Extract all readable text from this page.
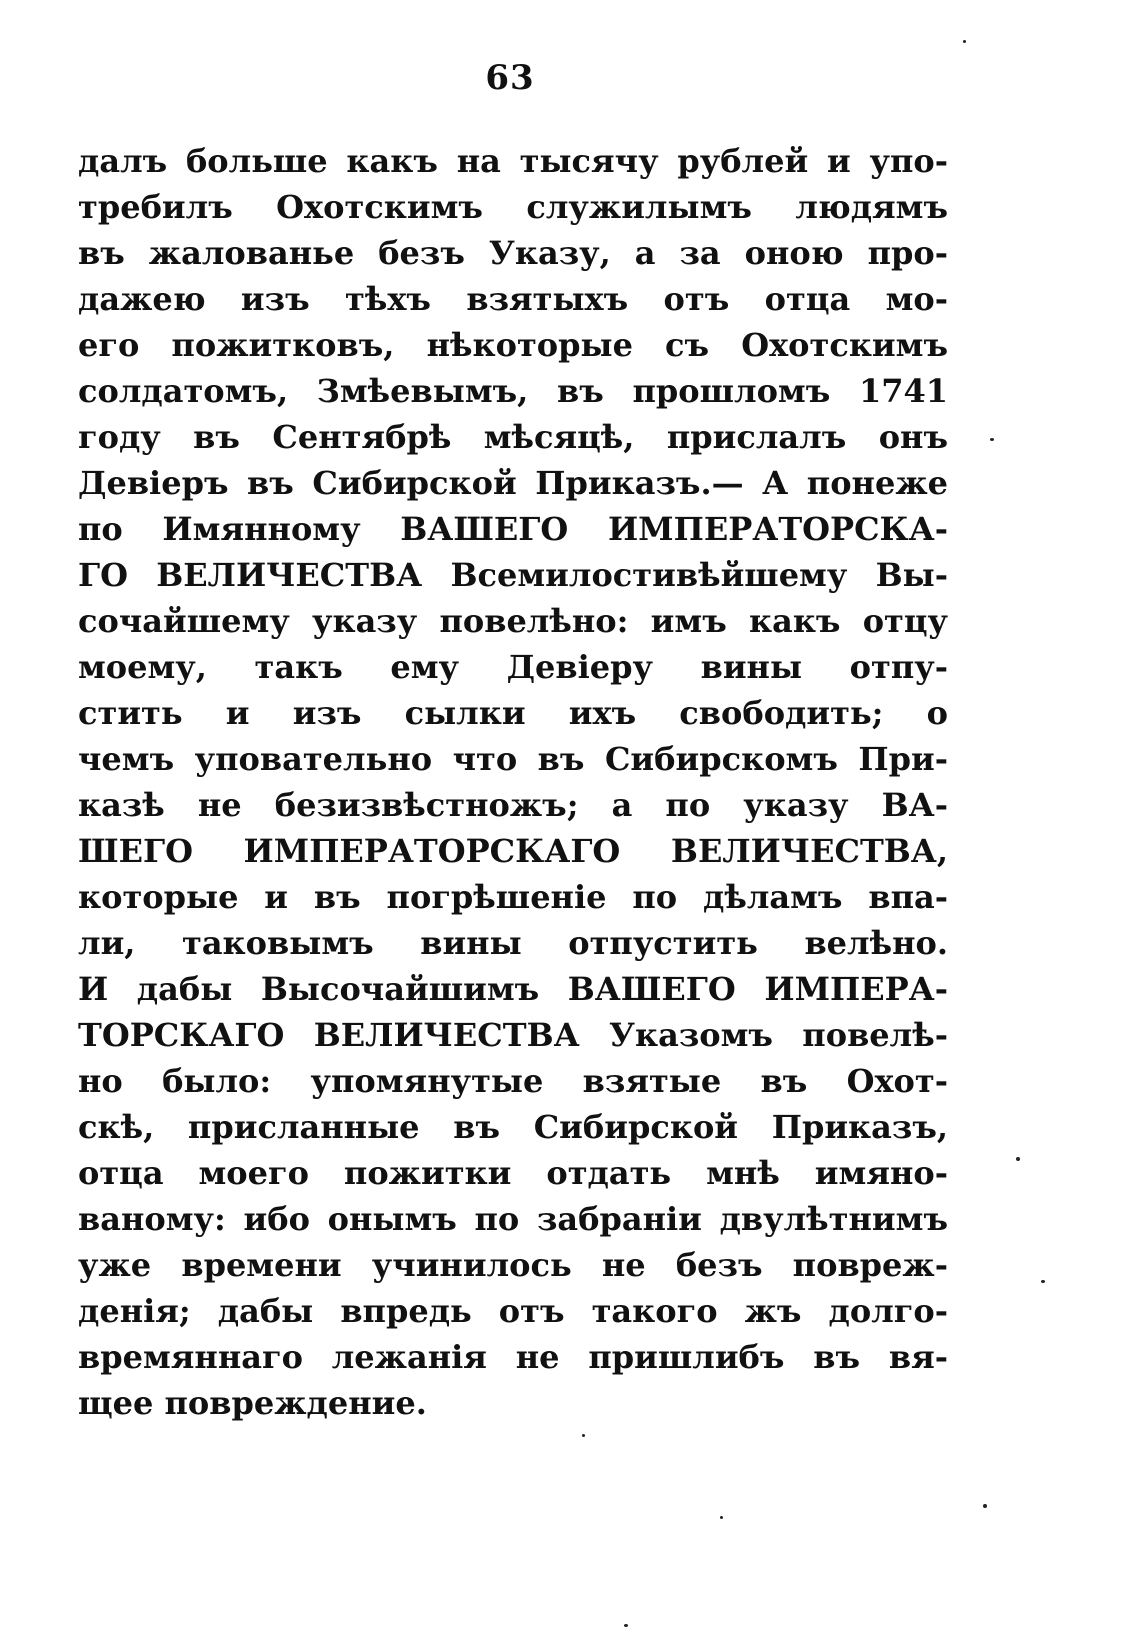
63
далъ больше какъ на тысячу рублей и упо-
требилъ Охотскимъ служилымъ людямъ
въ жалованье безъ Указу, а за оною про-
дажею изъ тѣхъ взятыхъ отъ отца мо-
его пожитковъ, нѣкоторые съ Охотскимъ
солдатомъ, Змѣевымъ, въ прошломъ 1741
году въ Сентябрѣ мѣсяцѣ, прислалъ онъ
Девіеръ въ Сибирской Приказъ.— А понеже
по Имянному ВАШЕГО ИМПЕРАТОРСКА-
ГО ВЕЛИЧЕСТВА Всемилостивѣйшему Вы-
сочайшему указу повелѣно: имъ какъ отцу
моему, такъ ему Девіеру вины отпу-
стить и изъ сылки ихъ свободить; о
чемъ уповательно что въ Сибирскомъ При-
казѣ не безизвѣстножъ; а по указу ВА-
ШЕГО ИМПЕРАТОРСКАГО ВЕЛИЧЕСТВА,
которые и въ погрѣшеніе по дѣламъ впа-
ли, таковымъ вины отпустить велѣно.
И дабы Высочайшимъ ВАШЕГО ИМПЕРА-
ТОРСКАГО ВЕЛИЧЕСТВА Указомъ повелѣ-
но было: упомянутые взятые въ Охот-
скѣ, присланные въ Сибирской Приказъ,
отца моего пожитки отдать мнѣ имяно-
ваному: ибо онымъ по забраніи двулѣтнимъ
уже времени учинилось не безъ повреж-
денія; дабы впредь отъ такого жъ долго-
времяннаго лежанія не пришлибъ въ вя-
щее повреждение.
